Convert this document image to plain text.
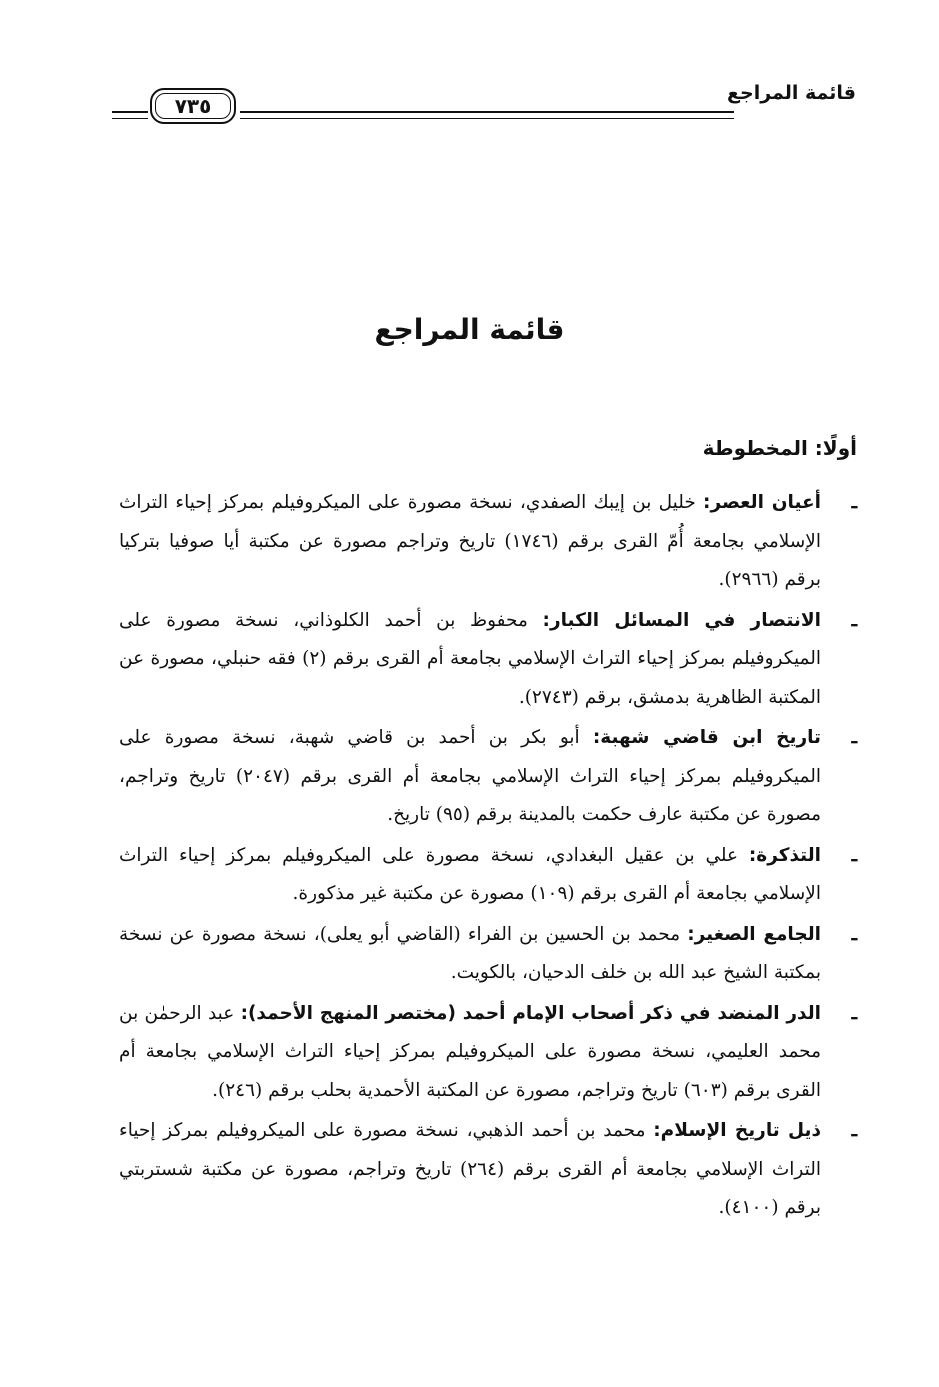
قائمة المراجع
٧٣٥
قائمة المراجع
أولًا: المخطوطة
ـ
أعيان العصر: خليل بن إيبك الصفدي، نسخة مصورة على الميكروفيلم بمركز إحياء التراث الإسلامي بجامعة أُمّ القرى برقم (١٧٤٦) تاريخ وتراجم مصورة عن مكتبة أيا صوفيا بتركيا برقم (٢٩٦٦).
ـ
الانتصار في المسائل الكبار: محفوظ بن أحمد الكلوذاني، نسخة مصورة على الميكروفيلم بمركز إحياء التراث الإسلامي بجامعة أم القرى برقم (٢) فقه حنبلي، مصورة عن المكتبة الظاهرية بدمشق، برقم (٢٧٤٣).
ـ
تاريخ ابن قاضي شهبة: أبو بكر بن أحمد بن قاضي شهبة، نسخة مصورة على الميكروفيلم بمركز إحياء التراث الإسلامي بجامعة أم القرى برقم (٢٠٤٧) تاريخ وتراجم، مصورة عن مكتبة عارف حكمت بالمدينة برقم (٩٥) تاريخ.
ـ
التذكرة: علي بن عقيل البغدادي، نسخة مصورة على الميكروفيلم بمركز إحياء التراث الإسلامي بجامعة أم القرى برقم (١٠٩) مصورة عن مكتبة غير مذكورة.
ـ
الجامع الصغير: محمد بن الحسين بن الفراء (القاضي أبو يعلى)، نسخة مصورة عن نسخة بمكتبة الشيخ عبد الله بن خلف الدحيان، بالكويت.
ـ
الدر المنضد في ذكر أصحاب الإمام أحمد (مختصر المنهج الأحمد): عبد الرحمٰن بن محمد العليمي، نسخة مصورة على الميكروفيلم بمركز إحياء التراث الإسلامي بجامعة أم القرى برقم (٦٠٣) تاريخ وتراجم، مصورة عن المكتبة الأحمدية بحلب برقم (٢٤٦).
ـ
ذيل تاريخ الإسلام: محمد بن أحمد الذهبي، نسخة مصورة على الميكروفيلم بمركز إحياء التراث الإسلامي بجامعة أم القرى برقم (٢٦٤) تاريخ وتراجم، مصورة عن مكتبة شستربتي برقم (٤١٠٠).
